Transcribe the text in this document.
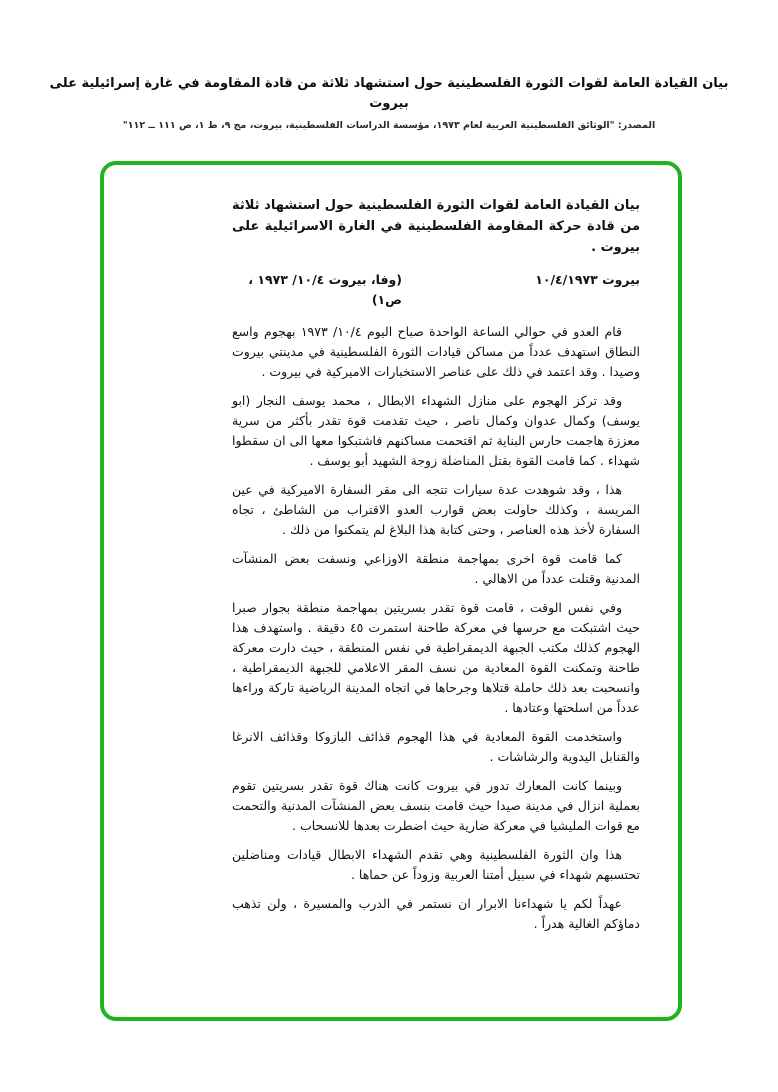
بيان القيادة العامة لقوات الثورة الفلسطينية حول استشهاد ثلاثة من قادة المقاومة في غارة إسرائيلية على بيروت
المصدر: "الوثائق الفلسطينية العربية لعام ١٩٧٣، مؤسسة الدراسات الفلسطينية، بيروت، مج ٩، ط ١، ص ١١١ ــ ١١٢"
بيان القيادة العامة لقوات الثورة الفلسطينية حول استشهاد ثلاثة من قادة حركة المقاومة الفلسطينية في الغارة الاسرائيلية على بيروت .
بيروت ١٠/٤/١٩٧٣
(وفا، بيروت ١٠/٤/ ١٩٧٣ ، ص١)

قام العدو في حوالي الساعة الواحدة صباح اليوم ١٠/٤/ ١٩٧٣ بهجوم واسع النطاق استهدف عدداً من مساكن قيادات الثورة الفلسطينية في مدينتي بيروت وصيدا . وقد اعتمد في ذلك على عناصر الاستخبارات الاميركية في بيروت .

وقد تركز الهجوم على منازل الشهداء الابطال ، محمد يوسف النجار (ابو يوسف) وكمال عدوان وكمال ناصر ، حيث تقدمت قوة تقدر بأكثر من سرية معززة هاجمت حارس البناية ثم اقتحمت مساكنهم فاشتبكوا معها الى ان سقطوا شهداء . كما قامت القوة بقتل المناضلة زوجة الشهيد أبو يوسف .

هذا ، وقد شوهدت عدة سيارات تتجه الى مقر السفارة الاميركية في عين المريسة ، وكذلك حاولت بعض قوارب العدو الاقتراب من الشاطئ ، تجاه السفارة لأخذ هذه العناصر ، وحتى كتابة هذا البلاغ لم يتمكنوا من ذلك .

كما قامت قوة اخرى بمهاجمة منطقة الاوزاعي ونسفت بعض المنشآت المدنية وقتلت عدداً من الاهالي .

وفي نفس الوقت ، قامت قوة تقدر بسريتين بمهاجمة منطقة بجوار صبرا حيث اشتبكت مع حرسها في معركة طاحنة استمرت ٤٥ دقيقة . واستهدف هذا الهجوم كذلك مكتب الجبهة الديمقراطية في نفس المنطقة ، حيث دارت معركة طاحنة وتمكنت القوة المعادية من نسف المقر الاعلامي للجبهة الديمقراطية ، وانسحبت بعد ذلك حاملة قتلاها وجرحاها في اتجاه المدينة الرياضية تاركة وراءها عدداً من اسلحتها وعتادها .

واستخدمت القوة المعادية في هذا الهجوم قذائف البازوكا وقذائف الانرغا والقنابل اليدوية والرشاشات .

وبينما كانت المعارك تدور في بيروت كانت هناك قوة تقدر بسريتين تقوم بعملية انزال في مدينة صيدا حيث قامت بنسف بعض المنشآت المدنية والتحمت مع قوات المليشيا في معركة ضارية حيث اضطرت بعدها للانسحاب .

هذا وان الثورة الفلسطينية وهي تقدم الشهداء الابطال قيادات ومناضلين تحتسبهم شهداء في سبيل أمتنا العربية وزوداً عن حماها .

عهداً لكم يا شهداءنا الابرار ان نستمر في الدرب والمسيرة ، ولن تذهب دماؤكم الغالية هدراً .
